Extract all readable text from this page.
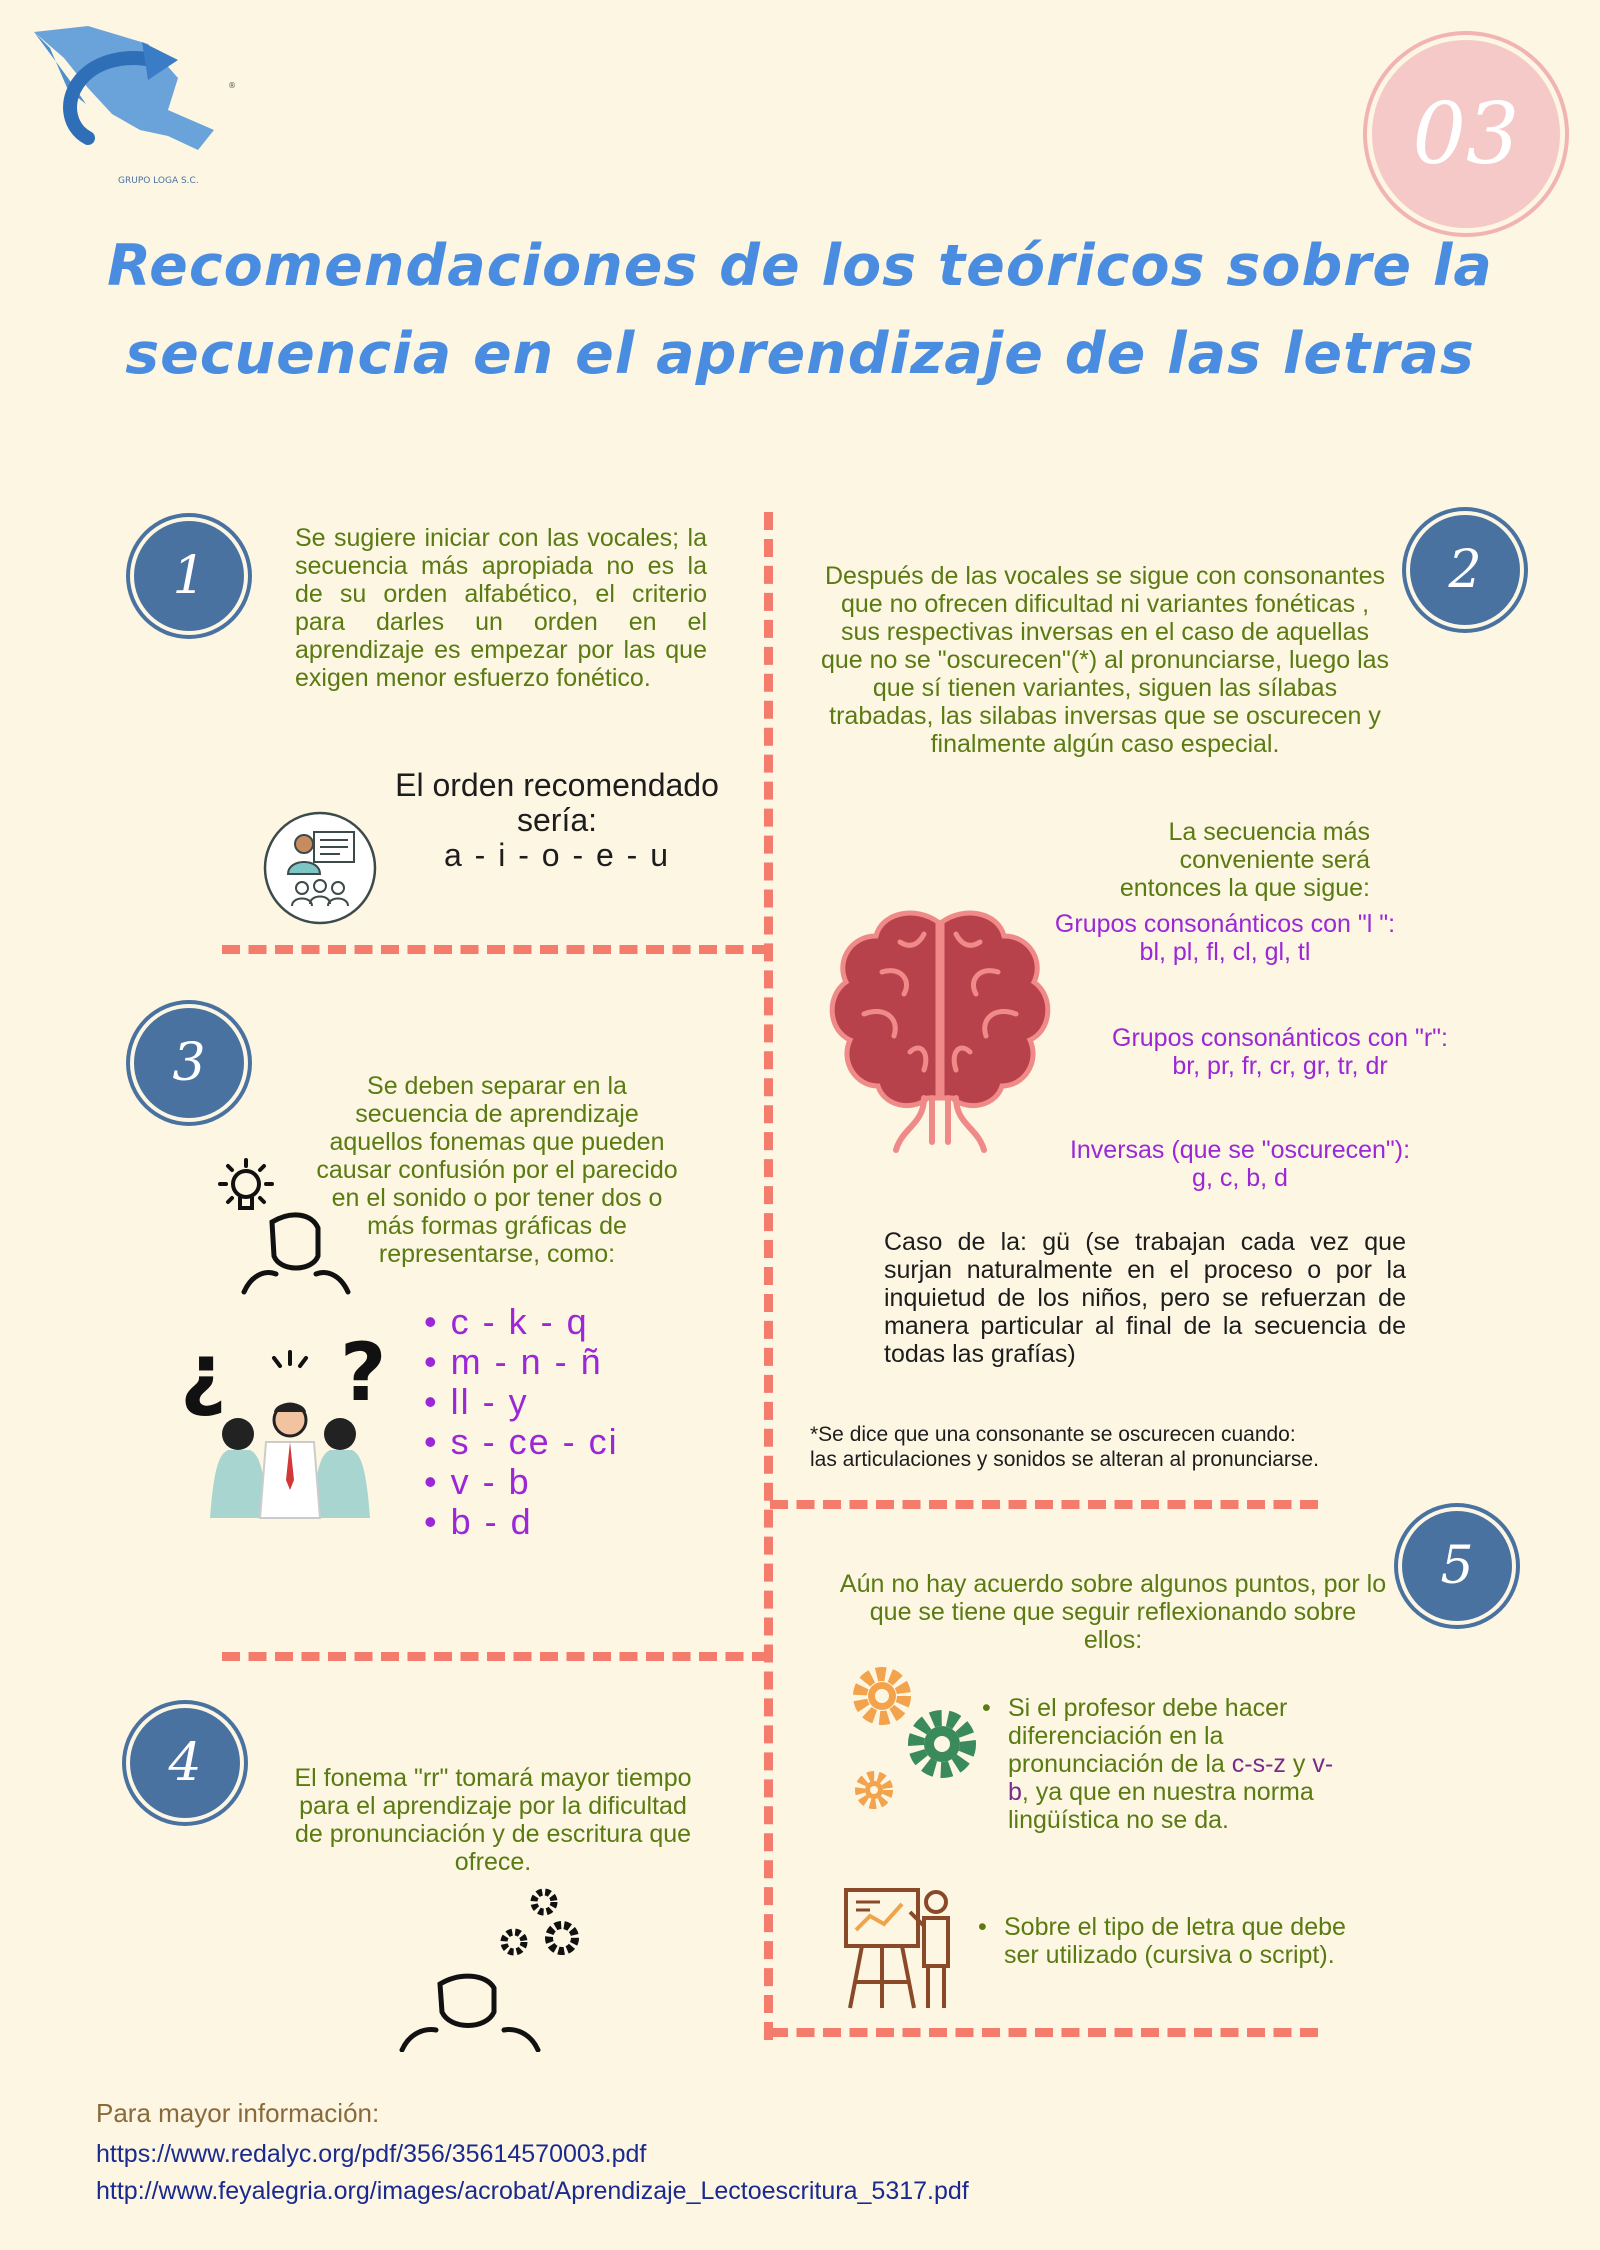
®
GRUPO LOGA S.C.	03
Recomendaciones de los teóricos sobre la
secuencia en el aprendizaje de las letras
1	2
3
4
5
Se sugiere iniciar con las vocales; la secuencia más apropiada no es la de su orden alfabético, el criterio para darles un orden en el aprendizaje es empezar por las que exigen menor esfuerzo fonético.
El orden recomendado
sería:
a - i - o - e - u
Después de las vocales se sigue con consonantes que no ofrecen dificultad ni variantes fonéticas , sus respectivas inversas en el caso de aquellas que no se "oscurecen"(*) al pronunciarse, luego las que sí tienen variantes, siguen las sílabas trabadas, las silabas inversas que se oscurecen y finalmente algún caso especial.
La secuencia más conveniente será entonces la que sigue:
Grupos consonánticos con "l ":
bl, pl, fl, cl, gl, tl
Grupos consonánticos con "r":
br, pr, fr, cr, gr, tr, dr
Inversas (que se "oscurecen"):
g, c, b, d
Caso de la: gü (se trabajan cada vez que surjan naturalmente en el proceso o por la inquietud de los niños, pero se refuerzan de manera particular al final de la secuencia de todas las grafías)
*Se dice que una consonante se oscurecen cuando:
las articulaciones y sonidos se alteran al pronunciarse.
Se deben separar en la secuencia de aprendizaje aquellos fonemas que pueden causar confusión por el parecido en el sonido o por tener dos o más formas gráficas de representarse, como:
¿ ?
• c - k - q
• m - n - ñ
• ll - y
• s - ce - ci
• v - b
• b - d
El fonema "rr" tomará mayor tiempo para el aprendizaje por la dificultad de pronunciación y de escritura que ofrece.
Aún no hay acuerdo sobre algunos puntos, por lo que se tiene que seguir reflexionando sobre ellos:
• Si el profesor debe hacer diferenciación en la pronunciación de la c-s-z y v-b, ya que en nuestra norma lingüística no se da.
• Sobre el tipo de letra que debe ser utilizado (cursiva o script).
Para mayor información:
https://www.redalyc.org/pdf/356/35614570003.pdf
http://www.feyalegria.org/images/acrobat/Aprendizaje_Lectoescritura_5317.pdf
